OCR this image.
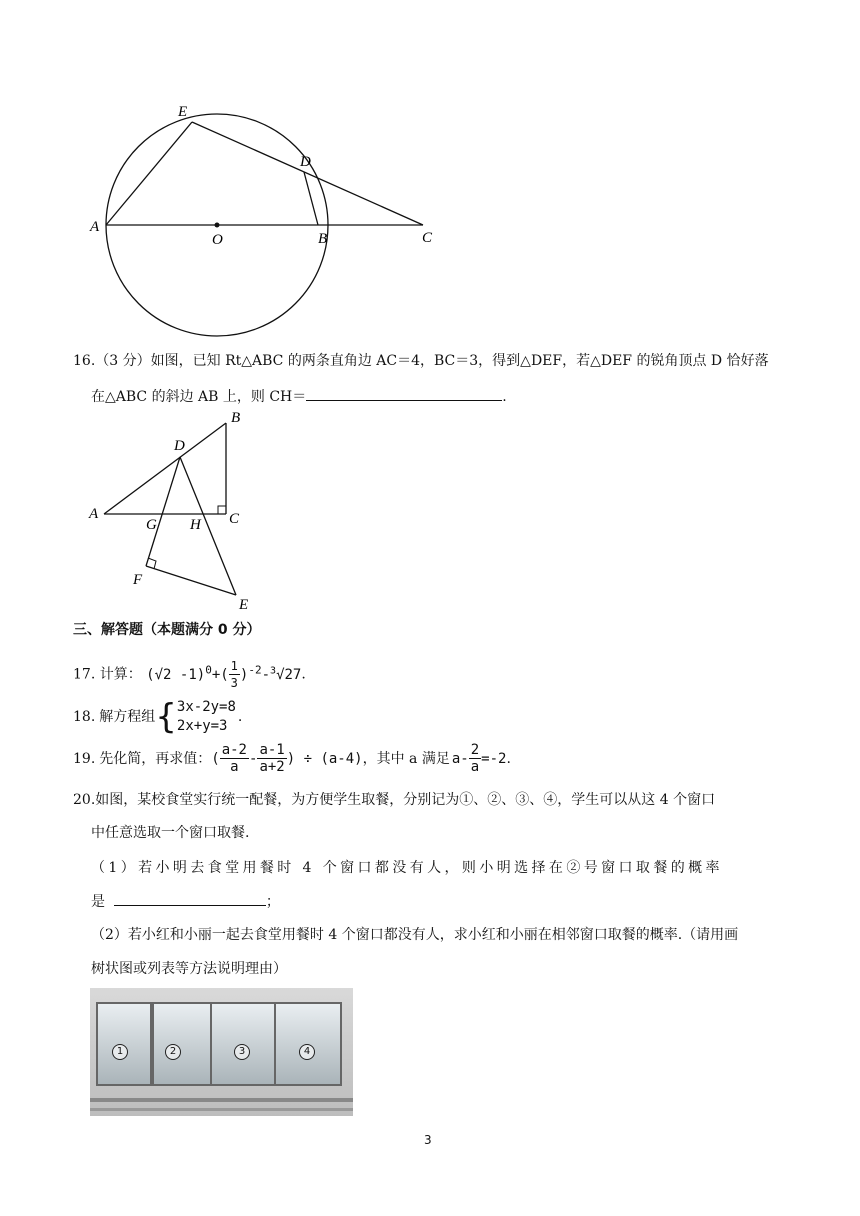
E
D
A
O	B	C
16.（3 分）如图，已知 Rt△ABC 的两条直角边 AC＝4，BC＝3，得到△DEF，若△DEF 的锐角顶点 D 恰好落
在△ABC 的斜边 AB 上，则 CH＝	.
B
D
A
G H C
F
E
三、解答题（本题满分 0 分）
17. 计算： (√2 $-1)^0+( \frac{1}{3} )^{-2}-^3√27$.
18. 解方程组 { 3x-2y=8
2x+y=3
.
19. 先化简，再求值： ( $\frac{a-2}{a} - \frac{a-1}{a+2}$ ) ÷ (a-4) ，其中 a 满足 $a- \frac{2}{a} =-2$ .
20.如图，某校食堂实行统一配餐，为方便学生取餐，分别记为①、②、③、④，学生可以从这 4 个窗口
中任意选取一个窗口取餐.
（1）若小明去食堂用餐时 4 个窗口都没有人，则小明选择在②号窗口取餐的概率
是	；
（2）若小红和小丽一起去食堂用餐时 4 个窗口都没有人，求小红和小丽在相邻窗口取餐的概率.（请用画
树状图或列表等方法说明理由）
1	2	3	4
3
